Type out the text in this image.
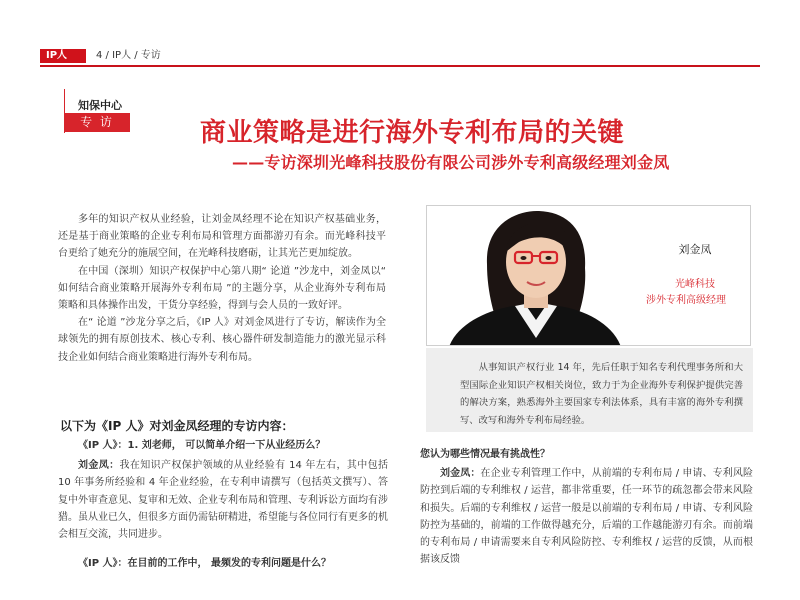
IP人	4 / IP人 / 专访
知保中心
专 访	商业策略是进行海外专利布局的关键
——专访深圳光峰科技股份有限公司涉外专利高级经理刘金凤

多年的知识产权从业经验，让刘金凤经理不论在知识产权基础业务，还是基于商业策略的企业专利布局和管理方面都游刃有余。而光峰科技平台更给了她充分的施展空间，在光峰科技磨砺，让其光芒更加绽放。

在中国（深圳）知识产权保护中心第八期“ 论道 ”沙龙中，刘金凤以“ 如何结合商业策略开展海外专利布局 ”的主题分享，从企业海外专利布局策略和具体操作出发，干货分享经验，得到与会人员的一致好评。

在“ 论道 ”沙龙分享之后，《IP 人》对刘金凤进行了专访，解读作为全球领先的拥有原创技术、核心专利、核心器件研发制造能力的激光显示科技企业如何结合商业策略进行海外专利布局。

以下为《IP 人》对刘金凤经理的专访内容：

《IP 人》：1. 刘老师， 可以简单介绍一下从业经历么？

刘金凤：我在知识产权保护领域的从业经验有 14 年左右，其中包括 10 年事务所经验和 4 年企业经验，在专利申请撰写（包括英文撰写）、答复中外审查意见、复审和无效、企业专利布局和管理、专利诉讼方面均有涉猎。虽从业已久，但很多方面仍需钻研精进，希望能与各位同行有更多的机会相互交流，共同进步。

《IP 人》：在目前的工作中， 最频发的专利问题是什么？

刘金凤
光峰科技
涉外专利高级经理

从事知识产权行业 14 年，先后任职于知名专利代理事务所和大型国际企业知识产权相关岗位，致力于为企业海外专利保护提供完善的解决方案，熟悉海外主要国家专利法体系，具有丰富的海外专利撰写、改写和海外专利布局经验。

您认为哪些情况最有挑战性？

刘金凤：在企业专利管理工作中，从前端的专利布局 / 申请、专利风险防控到后端的专利维权 / 运营，都非常重要，任一环节的疏忽都会带来风险和损失。后端的专利维权 / 运营一般是以前端的专利布局 / 申请、专利风险防控为基础的，前端的工作做得越充分，后端的工作越能游刃有余。而前端的专利布局 / 申请需要来自专利风险防控、专利维权 / 运营的反馈，从而根据该反馈
